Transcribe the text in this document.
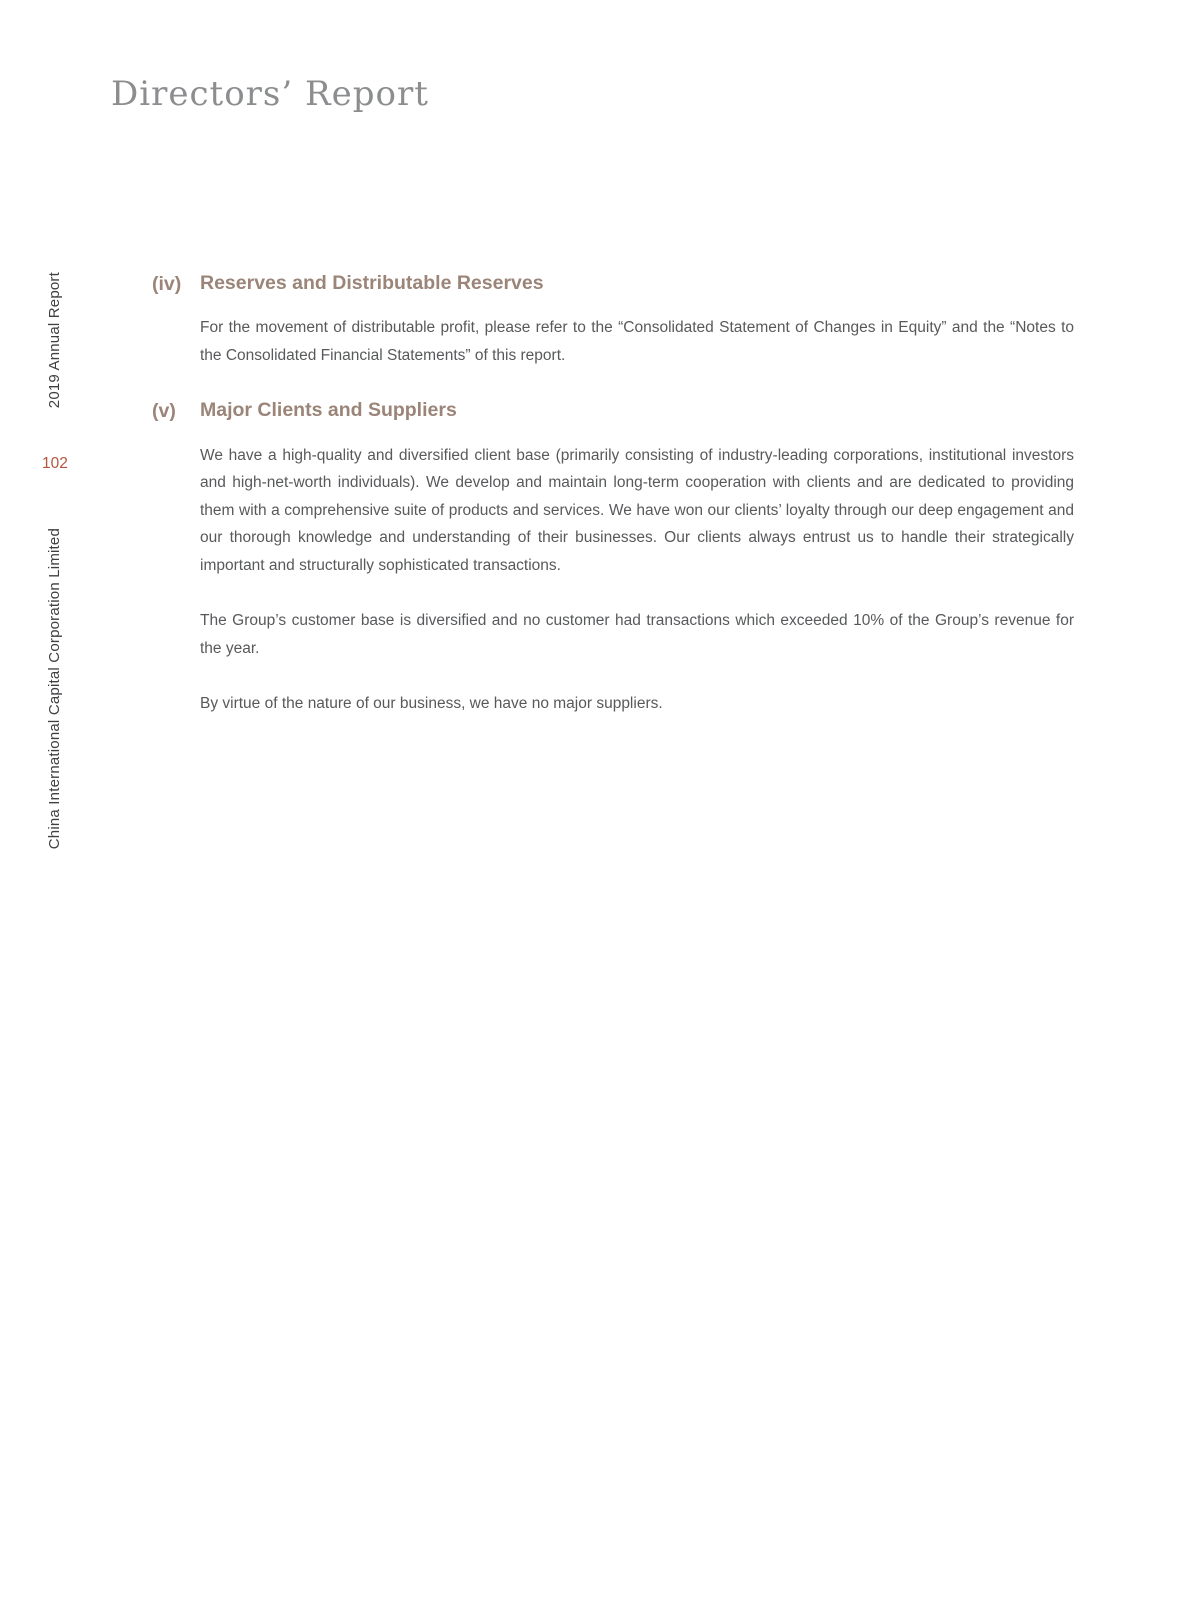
Directors’ Report
2019 Annual Report
102
China International Capital Corporation Limited
(iv) Reserves and Distributable Reserves

For the movement of distributable profit, please refer to the “Consolidated Statement of Changes in Equity” and the “Notes to the Consolidated Financial Statements” of this report.

(v)	Major Clients and Suppliers

We have a high-quality and diversified client base (primarily consisting of industry-leading corporations, institutional investors and high-net-worth individuals). We develop and maintain long-term cooperation with clients and are dedicated to providing them with a comprehensive suite of products and services. We have won our clients’ loyalty through our deep engagement and our thorough knowledge and understanding of their businesses. Our clients always entrust us to handle their strategically important and structurally sophisticated transactions.

The Group’s customer base is diversified and no customer had transactions which exceeded 10% of the Group’s revenue for the year.

By virtue of the nature of our business, we have no major suppliers.
